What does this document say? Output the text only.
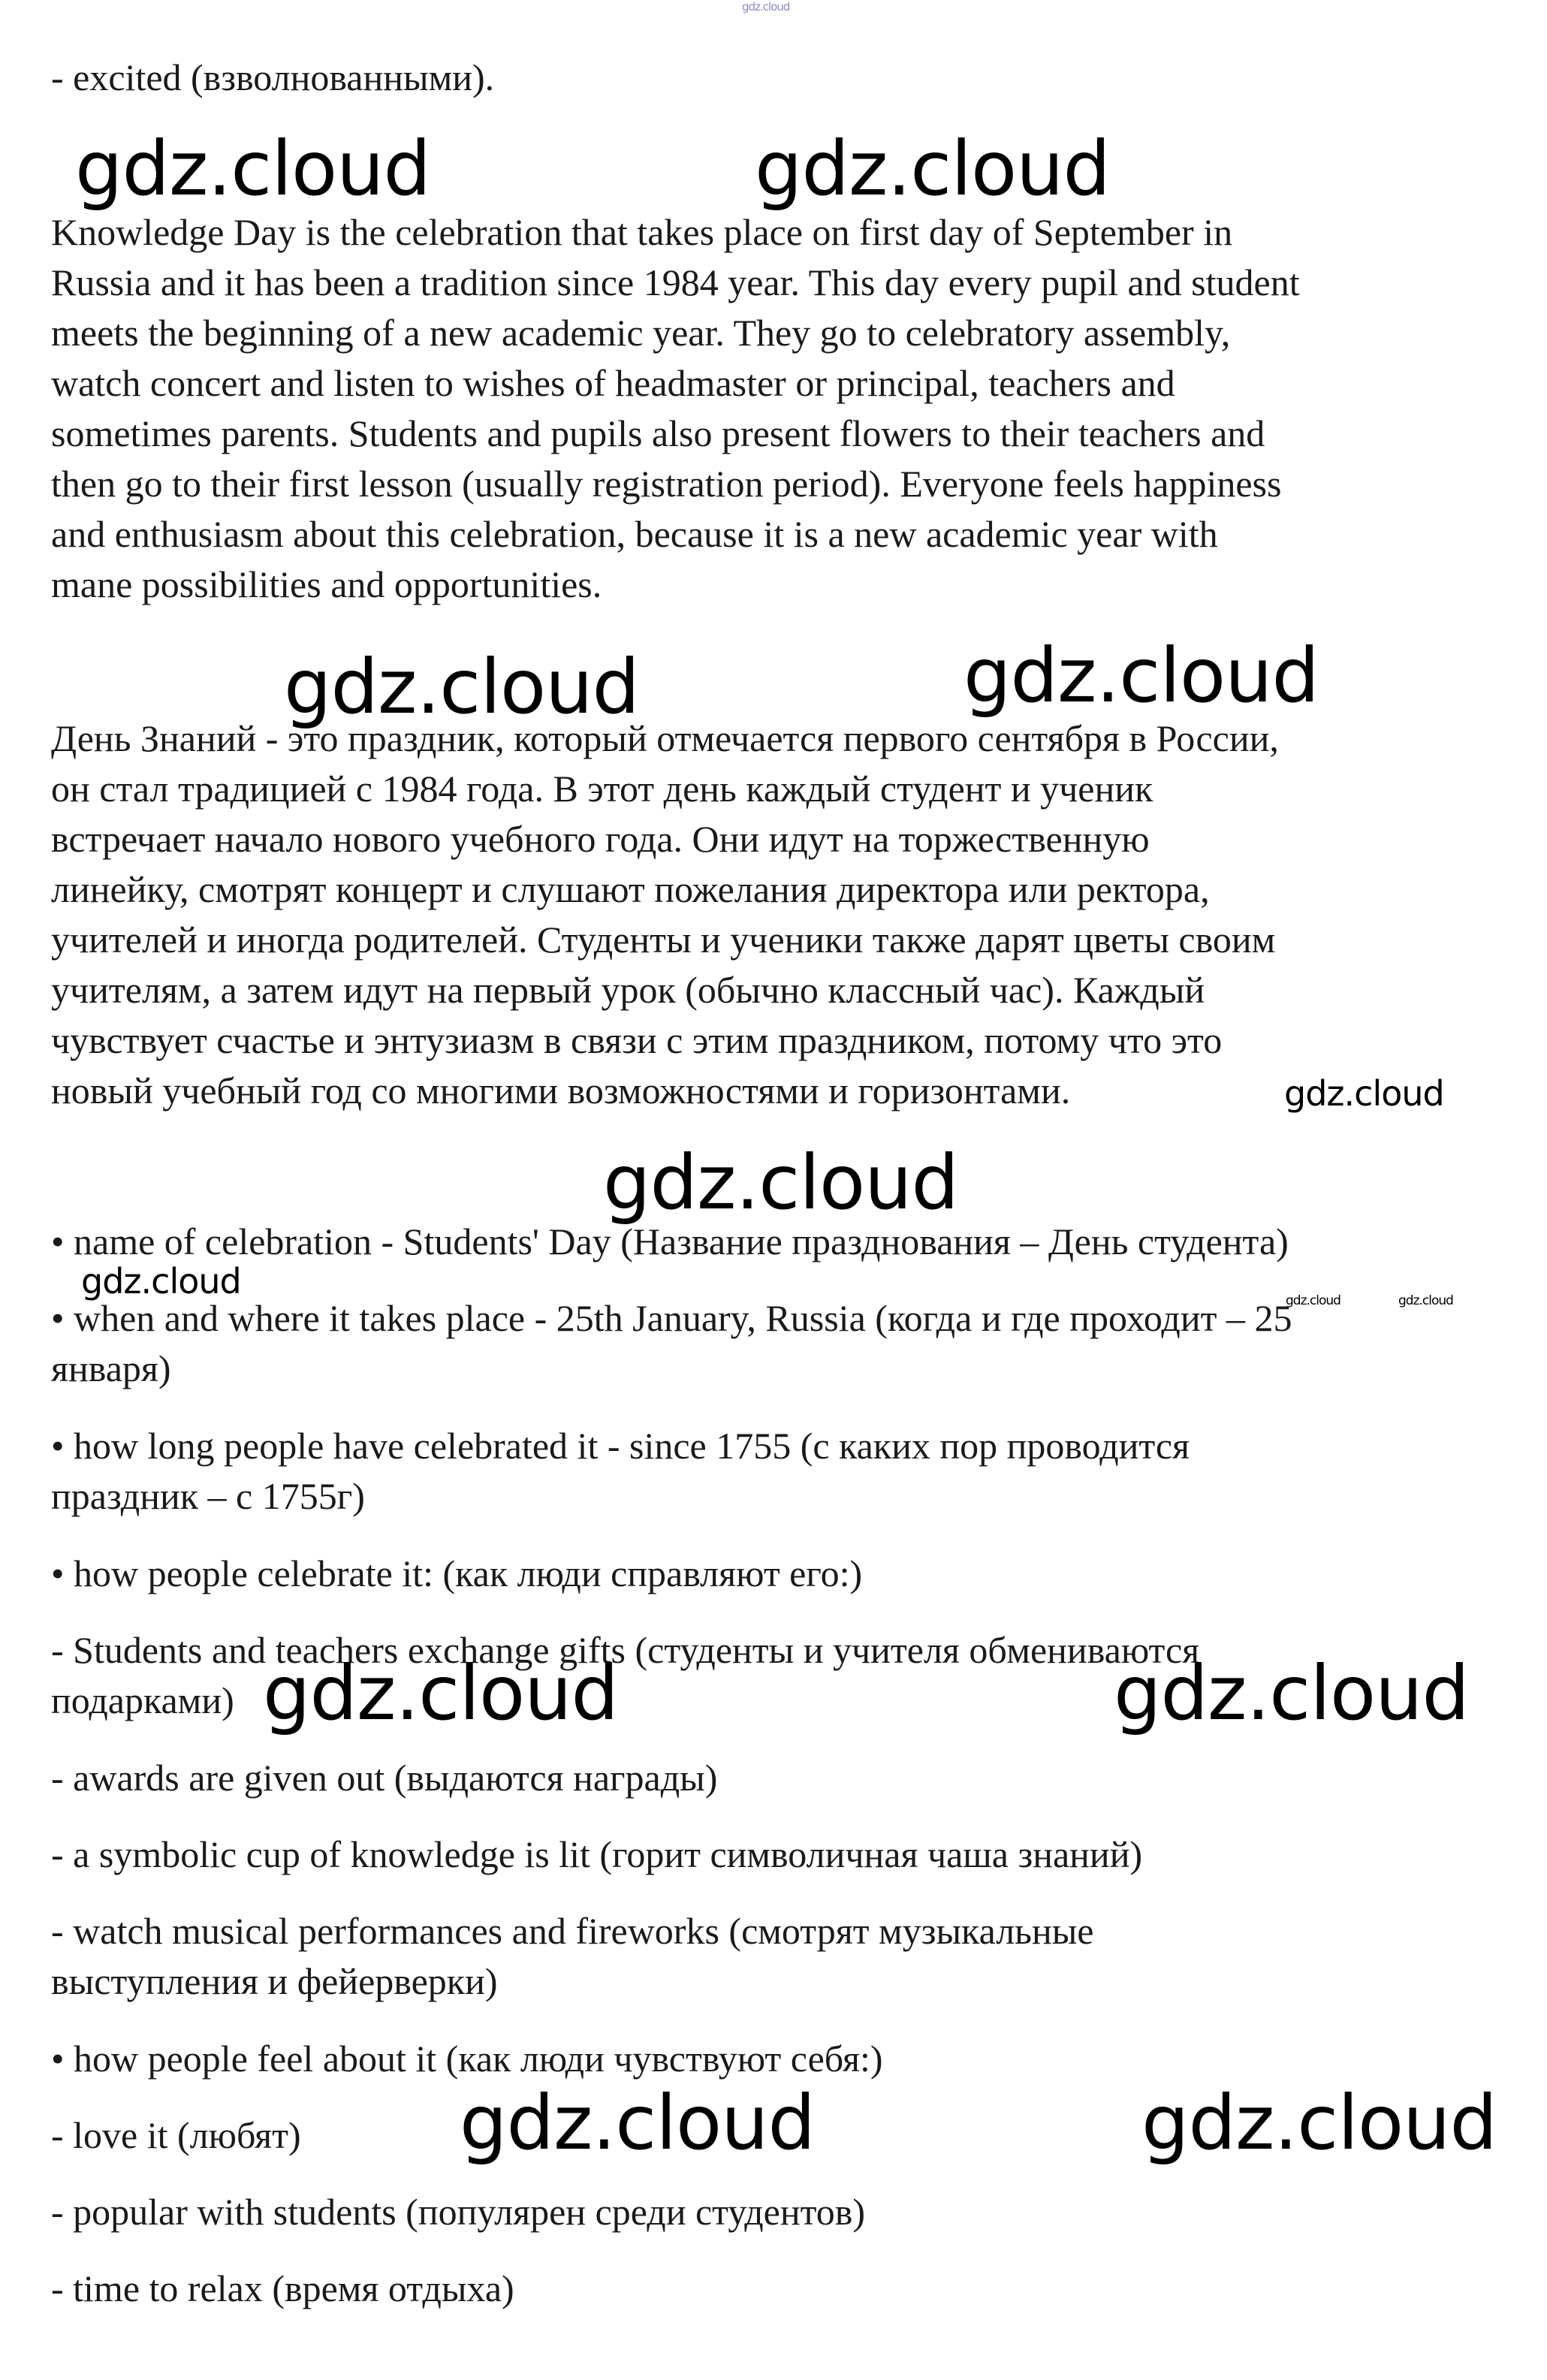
gdz.cloud
- excited (взволнованными).
gdz.cloud	gdz.cloud
Knowledge Day is the celebration that takes place on first day of September in
Russia and it has been a tradition since 1984 year. This day every pupil and student
meets the beginning of a new academic year. They go to celebratory assembly,
watch concert and listen to wishes of headmaster or principal, teachers and
sometimes parents. Students and pupils also present flowers to their teachers and
then go to their first lesson (usually registration period). Everyone feels happiness
and enthusiasm about this celebration, because it is a new academic year with
mane possibilities and opportunities.
gdz.cloud	gdz.cloud
День Знаний - это праздник, который отмечается первого сентября в России,
он стал традицией с 1984 года. В этот день каждый студент и ученик
встречает начало нового учебного года. Они идут на торжественную
линейку, смотрят концерт и слушают пожелания директора или ректора,
учителей и иногда родителей. Студенты и ученики также дарят цветы своим
учителям, а затем идут на первый урок (обычно классный час). Каждый
чувствует счастье и энтузиазм в связи с этим праздником, потому что это
новый учебный год со многими возможностями и горизонтами.	gdz.cloud
gdz.cloud
• name of celebration - Students' Day (Название празднования – День студента)
gdz.cloud	gdz.cloud	gdz.cloud
• when and where it takes place - 25th January, Russia (когда и где проходит – 25
января)
• how long people have celebrated it - since 1755 (с каких пор проводится
праздник – с 1755г)
• how people celebrate it: (как люди справляют его:)
- Students and teachers exchange gifts (студенты и учителя обмениваются
подарками) gdz.cloud	gdz.cloud
- awards are given out (выдаются награды)
- a symbolic cup of knowledge is lit (горит символичная чаша знаний)
- watch musical performances and fireworks (смотрят музыкальные
выступления и фейерверки)
• how people feel about it (как люди чувствуют себя:)
- love it (любят) gdz.cloud	gdz.cloud
- popular with students (популярен среди студентов)
- time to relax (время отдыха)
